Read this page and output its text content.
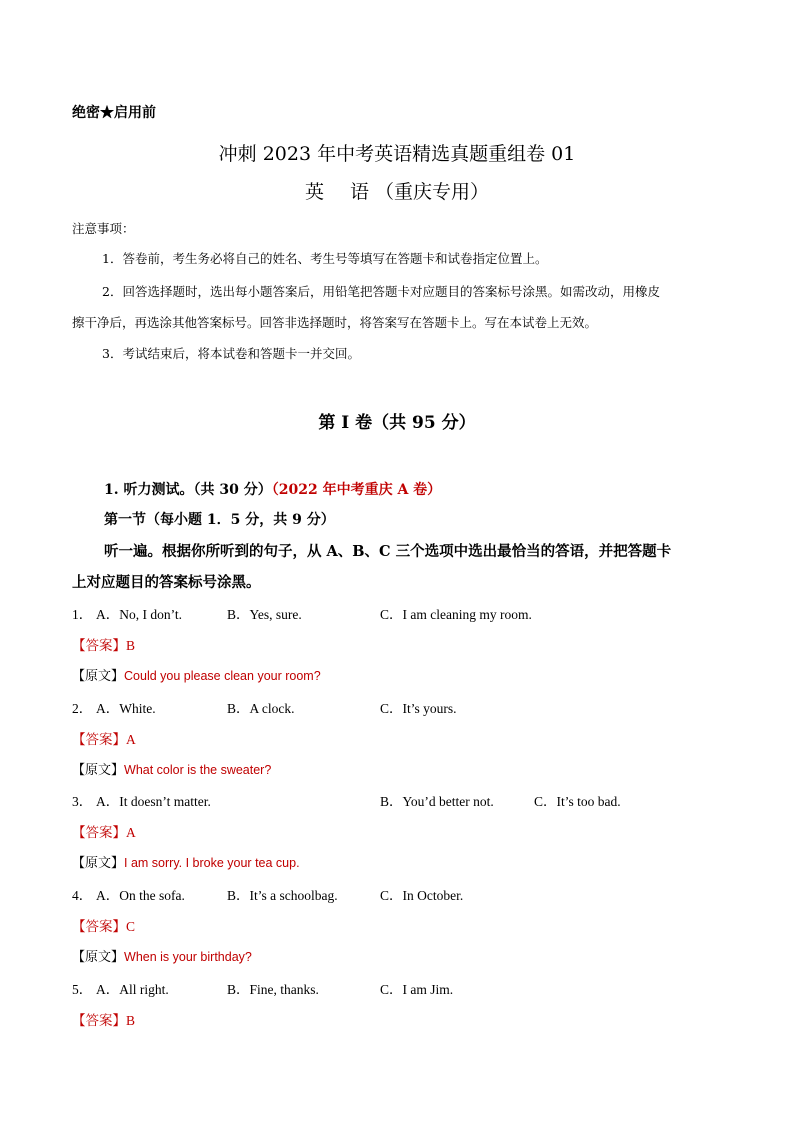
绝密★启用前
冲刺 2023 年中考英语精选真题重组卷 01
英 语（重庆专用）
注意事项：
1．答卷前，考生务必将自己的姓名、考生号等填写在答题卡和试卷指定位置上。
2．回答选择题时，选出每小题答案后，用铅笔把答题卡对应题目的答案标号涂黑。如需改动，用橡皮
擦干净后，再选涂其他答案标号。回答非选择题时，将答案写在答题卡上。写在本试卷上无效。
3．考试结束后，将本试卷和答题卡一并交回。
第 I 卷（共 95 分）
1. 听力测试。（共 30 分）（2022 年中考重庆 A 卷）
第一节（每小题 1．5 分，共 9 分）
听一遍。根据你所听到的句子，从 A、B、C 三个选项中选出最恰当的答语，并把答题卡
上对应题目的答案标号涂黑。
1． A．No, I don’t.	B．Yes, sure.	C．I am cleaning my room.
【答案】B
【原文】Could you please clean your room?
2． A．White.	B．A clock.	C．It’s yours.
【答案】A
【原文】What color is the sweater?
3． A．It doesn’t matter.	B．You’d better not.	C．It’s too bad.
【答案】A
【原文】I am sorry. I broke your tea cup.
4． A．On the sofa.	B．It’s a schoolbag.	C．In October.
【答案】C
【原文】When is your birthday?
5． A．All right.	B．Fine, thanks.	C．I am Jim.
【答案】B
